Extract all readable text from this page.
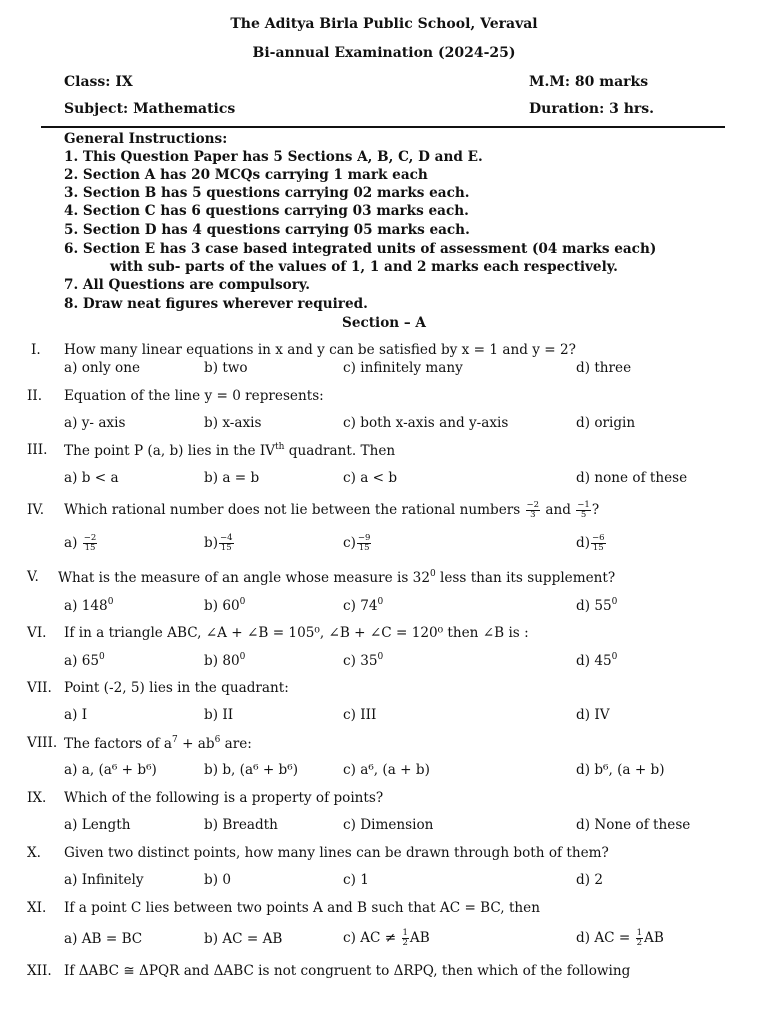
The Aditya Birla Public School, Veraval
Bi-annual Examination (2024-25)
Class: IX	M.M: 80 marks
Subject: Mathematics	Duration: 3 hrs.
General Instructions:
1. This Question Paper has 5 Sections A, B, C, D and E.
2. Section A has 20 MCQs carrying 1 mark each
3. Section B has 5 questions carrying 02 marks each.
4. Section C has 6 questions carrying 03 marks each.
5. Section D has 4 questions carrying 05 marks each.
6. Section E has 3 case based integrated units of assessment (04 marks each)
with sub- parts of the values of 1, 1 and 2 marks each respectively.
7. All Questions are compulsory.
8. Draw neat figures wherever required.
Section – A
I. How many linear equations in x and y can be satisfied by x = 1 and y = 2?
a) only one	b) two	c) infinitely many	d) three
II. Equation of the line y = 0 represents:
a) y- axis	b) x-axis	c) both x-axis and y-axis	d) origin
III. The point P (a, b) lies in the IVth quadrant. Then
a) b < a	b) a = b	c) a < b	d) none of these
IV. Which rational number does not lie between the rational numbers $\frac{-2}{3}$ and $\frac{-1}{5}$ ?
$a) \frac{-2}{15}$	$b) \frac{-4}{15}$	$c) \frac{-9}{15}$	$d) \frac{-6}{15}$
V. What is the measure of an angle whose measure is $32^0$ less than its supplement?
a) $148^0$	b) $60^0$	c) $74^0$	d) $55^0$
VI. If in a triangle ABC, ∠A + ∠B = 105⁰, ∠B + ∠C = 120⁰ then ∠B is :
a) $65^0$	b) $80^0$	c) $35^0$	d) $45^0$
VII. Point (-2, 5) lies in the quadrant:
a) I	b) II	c) III	d) IV
VIII. The factors of $a^7 + ab^6$ are:
a) a, (a⁶ + b⁶)	b) b, (a⁶ + b⁶)	c) a⁶, (a + b)	d) b⁶, (a + b)
IX. Which of the following is a property of points?
a) Length	b) Breadth	c) Dimension	d) None of these
X. Given two distinct points, how many lines can be drawn through both of them?
a) Infinitely	b) 0	c) 1	d) 2
XI. If a point C lies between two points A and B such that AC = BC, then
a) AB = BC	b) AC = AB	c) AC ≠ $\frac{1}{2}$ AB	d) AC = $\frac{1}{2}$ AB
XII. If ΔABC ≅ ΔPQR and ΔABC is not congruent to ΔRPQ, then which of the following
